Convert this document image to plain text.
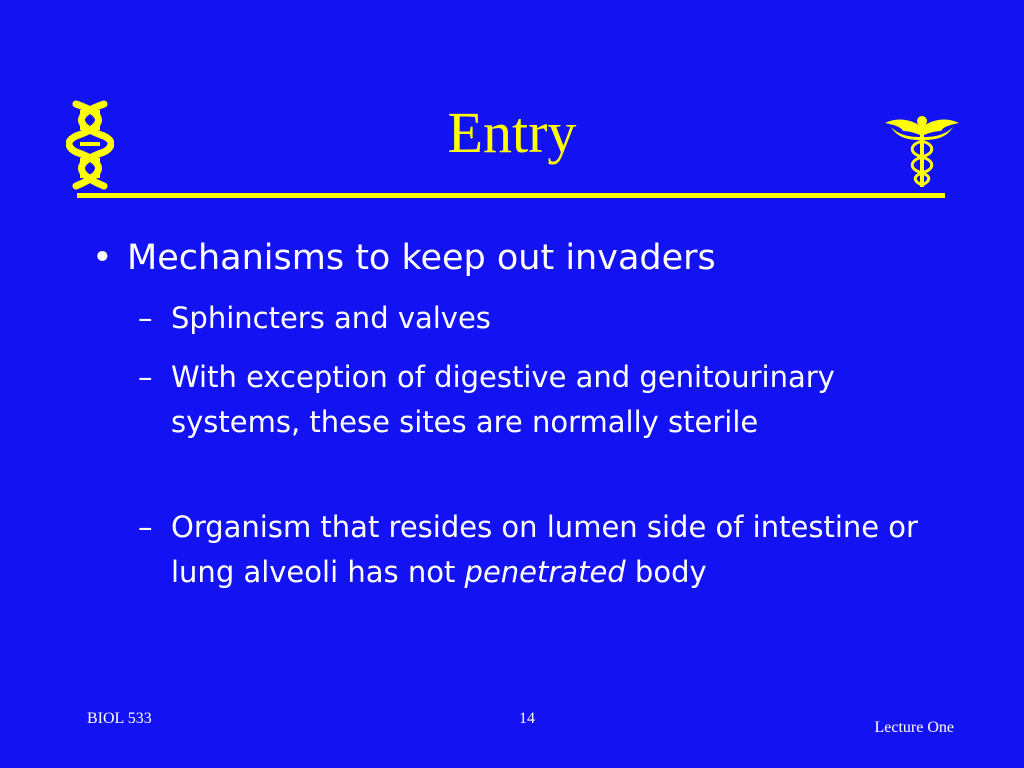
Entry
• Mechanisms to keep out invaders
– Sphincters and valves
– With exception of digestive and genitourinary systems, these sites are normally sterile
– Organism that resides on lumen side of intestine or lung alveoli has not penetrated body
BIOL 533	14
Lecture One
